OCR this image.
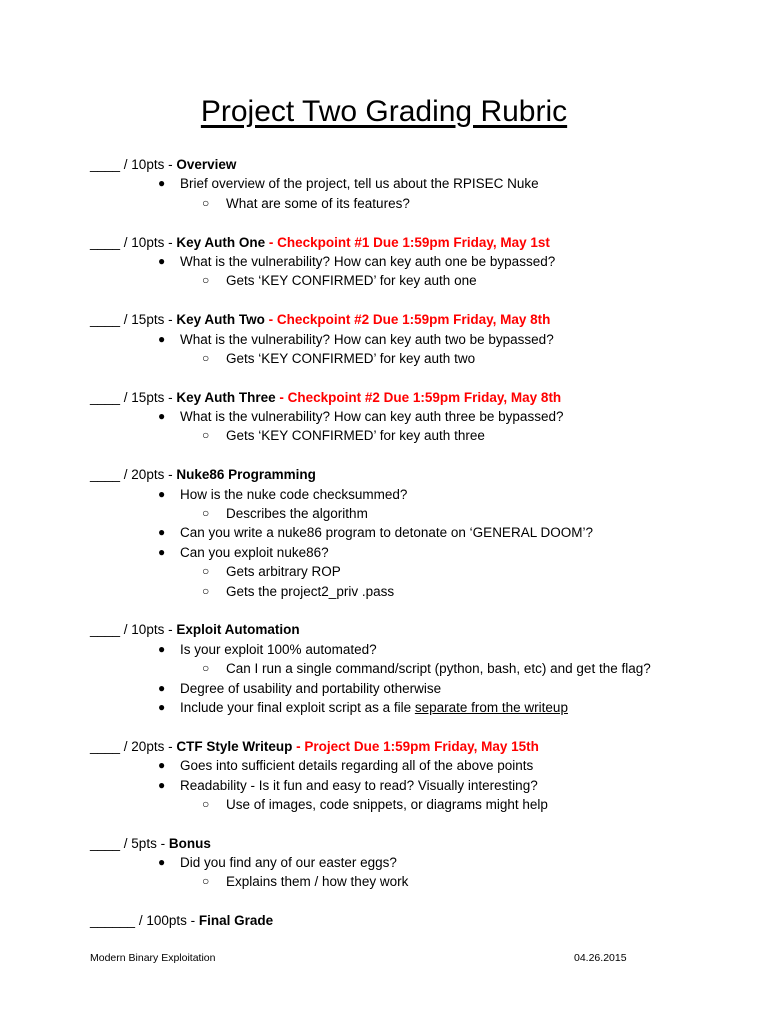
Project Two Grading Rubric
____ / 10pts - Overview
● Brief overview of the project, tell us about the RPISEC Nuke
○ What are some of its features?
____ / 10pts - Key Auth One - Checkpoint #1 Due 1:59pm Friday, May 1st
● What is the vulnerability? How can key auth one be bypassed?
○ Gets ‘KEY CONFIRMED’ for key auth one
____ / 15pts - Key Auth Two - Checkpoint #2 Due 1:59pm Friday, May 8th
● What is the vulnerability? How can key auth two be bypassed?
○ Gets ‘KEY CONFIRMED’ for key auth two
____ / 15pts - Key Auth Three - Checkpoint #2 Due 1:59pm Friday, May 8th
● What is the vulnerability? How can key auth three be bypassed?
○ Gets ‘KEY CONFIRMED’ for key auth three
____ / 20pts - Nuke86 Programming
● How is the nuke code checksummed?
○ Describes the algorithm
● Can you write a nuke86 program to detonate on ‘GENERAL DOOM’?
● Can you exploit nuke86?
○ Gets arbitrary ROP
○ Gets the project2_priv .pass
____ / 10pts - Exploit Automation
● Is your exploit 100% automated?
○ Can I run a single command/script (python, bash, etc) and get the flag?
● Degree of usability and portability otherwise
● Include your final exploit script as a file separate from the writeup
____ / 20pts - CTF Style Writeup - Project Due 1:59pm Friday, May 15th
● Goes into sufficient details regarding all of the above points
● Readability - Is it fun and easy to read? Visually interesting?
○ Use of images, code snippets, or diagrams might help
____ / 5pts - Bonus
● Did you find any of our easter eggs?
○ Explains them / how they work
______ / 100pts - Final Grade
Modern Binary Exploitation	04.26.2015
